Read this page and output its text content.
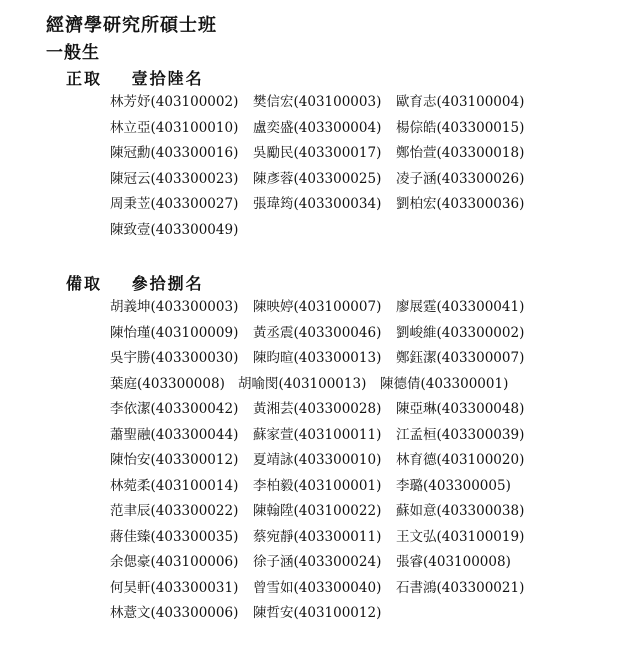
經濟學研究所碩士班
一般生
正取 壹拾陸名
林芳妤(403100002) 樊信宏(403100003) 歐育志(403100004)
林立亞(403100010) 盧奕盛(403300004) 楊倧皓(403300015)
陳冠勳(403300016) 吳勵民(403300017) 鄭怡萱(403300018)
陳冠云(403300023) 陳彥蓉(403300025) 凌子涵(403300026)
周秉苙(403300027) 張瑋筠(403300034) 劉柏宏(403300036)
陳致壹(403300049)
備取 參拾捌名
胡義坤(403300003) 陳映婷(403100007) 廖展霆(403300041)
陳怡瑾(403100009) 黃丞震(403300046) 劉峻維(403300002)
吳宇勝(403300030) 陳昀暄(403300013) 鄭鈺潔(403300007)
葉庭(403300008) 胡喻閔(403100013) 陳德倩(403300001)
李依潔(403300042) 黃湘芸(403300028) 陳亞琳(403300048)
蕭聖融(403300044) 蘇家萱(403100011) 江孟桓(403300039)
陳怡安(403300012) 夏靖詠(403300010) 林育德(403100020)
林菀柔(403100014) 李柏毅(403100001) 李璐(403300005)
范聿辰(403300022) 陳翰陞(403100022) 蘇如意(403300038)
蔣佳臻(403300035) 蔡宛靜(403300011) 王文弘(403100019)
余偲豪(403100006) 徐子涵(403300024) 張睿(403100008)
何昊軒(403300031) 曾雪如(403300040) 石書鴻(403300021)
林薏文(403300006) 陳哲安(403100012)
